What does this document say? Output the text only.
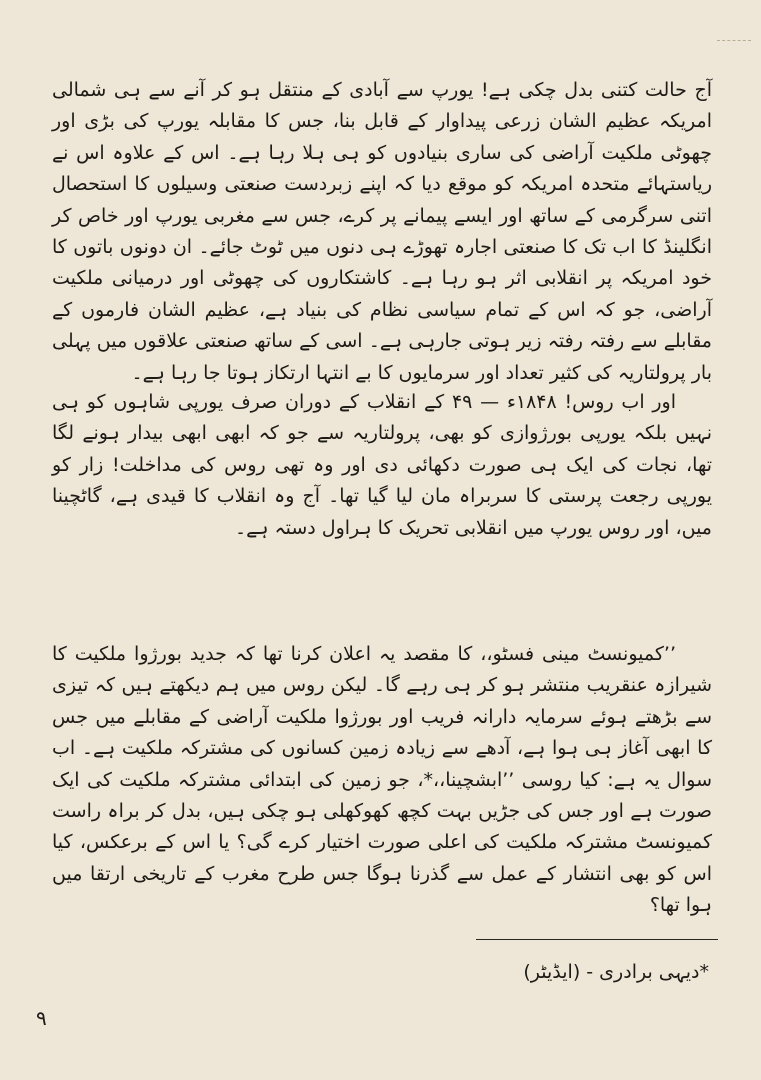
آج حالت کتنی بدل چکی ہے! یورپ سے آبادی کے منتقل ہو کر آنے سے ہی شمالی امریکہ عظیم الشان زرعی پیداوار کے قابل بنا، جس کا مقابلہ یورپ کی بڑی اور چھوٹی ملکیت آراضی کی ساری بنیادوں کو ہی ہلا رہا ہے۔ اس کے علاوہ اس نے ریاستہائے متحدہ امریکہ کو موقع دیا کہ اپنے زبردست صنعتی وسیلوں کا استحصال اتنی سرگرمی کے ساتھ اور ایسے پیمانے پر کرے، جس سے مغربی یورپ اور خاص کر انگلینڈ کا اب تک کا صنعتی اجارہ تھوڑے ہی دنوں میں ٹوٹ جائے۔ ان دونوں باتوں کا خود امریکہ پر انقلابی اثر ہو رہا ہے۔ کاشتکاروں کی چھوٹی اور درمیانی ملکیت آراضی، جو کہ اس کے تمام سیاسی نظام کی بنیاد ہے، عظیم الشان فارموں کے مقابلے سے رفتہ رفتہ زیر ہوتی جارہی ہے۔ اسی کے ساتھ صنعتی علاقوں میں پہلی بار پرولتاریہ کی کثیر تعداد اور سرمایوں کا بے انتہا ارتکاز ہوتا جا رہا ہے۔

اور اب روس! ۱۸۴۸ء — ۴۹ کے انقلاب کے دوران صرف یورپی شاہوں کو ہی نہیں بلکہ یورپی بورژوازی کو بھی، پرولتاریہ سے جو کہ ابھی ابھی بیدار ہونے لگا تھا، نجات کی ایک ہی صورت دکھائی دی اور وہ تھی روس کی مداخلت! زار کو یورپی رجعت پرستی کا سربراہ مان لیا گیا تھا۔ آج وہ انقلاب کا قیدی ہے، گاٹچینا میں، اور روس یورپ میں انقلابی تحریک کا ہراول دستہ ہے۔

’’کمیونسٹ مینی فسٹو،، کا مقصد یہ اعلان کرنا تھا کہ جدید بورژوا ملکیت کا شیرازہ عنقریب منتشر ہو کر ہی رہے گا۔ لیکن روس میں ہم دیکھتے ہیں کہ تیزی سے بڑھتے ہوئے سرمایہ دارانہ فریب اور بورژوا ملکیت آراضی کے مقابلے میں جس کا ابھی آغاز ہی ہوا ہے، آدھے سے زیادہ زمین کسانوں کی مشترکہ ملکیت ہے۔ اب سوال یہ ہے: کیا روسی ’’ابشچینا،،*، جو زمین کی ابتدائی مشترکہ ملکیت کی ایک صورت ہے اور جس کی جڑیں بہت کچھ کھوکھلی ہو چکی ہیں، بدل کر براہ راست کمیونسٹ مشترکہ ملکیت کی اعلی صورت اختیار کرے گی؟ یا اس کے برعکس، کیا اس کو بھی انتشار کے عمل سے گذرنا ہوگا جس طرح مغرب کے تاریخی ارتقا میں ہوا تھا؟

*دیہی برادری - (ایڈیٹر)
۹
